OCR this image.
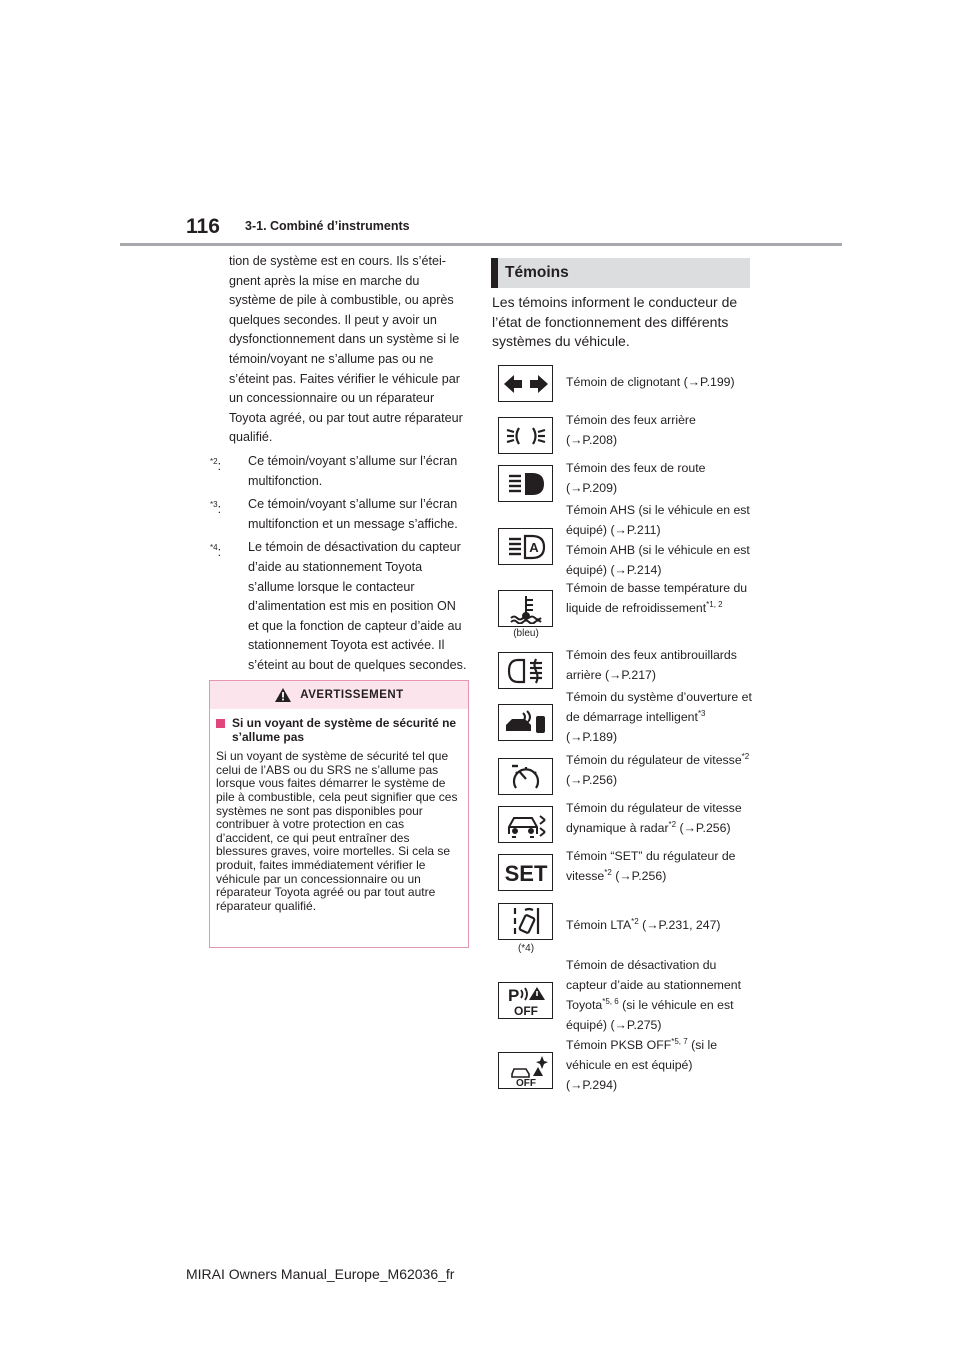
116 3-1. Combiné d’instruments

tion de système est en cours. Ils s’éteignent après la mise en marche du système de pile à combustible, ou après quelques secondes. Il peut y avoir un dysfonctionnement dans un système si le témoin/voyant ne s’allume pas ou ne s’éteint pas. Faites vérifier le véhicule par un concessionnaire ou un réparateur Toyota agréé, ou par tout autre réparateur qualifié.

$^{*2}$: Ce témoin/voyant s’allume sur l’écran multifonction.
$^{*3}$: Ce témoin/voyant s’allume sur l’écran multifonction et un message s’affiche.
$^{*4}$: Le témoin de désactivation du capteur d’aide au stationnement Toyota s’allume lorsque le contacteur d’alimentation est mis en position ON et que la fonction de capteur d’aide au stationnement Toyota est activée. Il s’éteint au bout de quelques secondes.
AVERTISSEMENT
Si un voyant de système de sécurité ne s’allume pas
Si un voyant de système de sécurité tel que celui de l’ABS ou du SRS ne s’allume pas lorsque vous faites démarrer le système de pile à combustible, cela peut signifier que ces systèmes ne sont pas disponibles pour contribuer à votre protection en cas d’accident, ce qui peut entraîner des blessures graves, voire mortelles. Si cela se produit, faites immédiatement vérifier le véhicule par un concessionnaire ou un réparateur Toyota agréé ou par tout autre réparateur qualifié.
Témoins
Les témoins informent le conducteur de l’état de fonctionnement des différents systèmes du véhicule.
Témoin de clignotant (→P.199)
Témoin des feux arrière
(→P.208)
Témoin des feux de route
(→P.209)
A
Témoin AHS (si le véhicule en est équipé) (→P.211)
Témoin AHB (si le véhicule en est équipé) (→P.214)
(bleu)
Témoin de basse température du liquide de refroidissement$^{*1, 2}$
Témoin des feux antibrouillards arrière (→P.217)
Témoin du système d’ouverture et de démarrage intelligent$^{*3}$
(→P.189)
Témoin du régulateur de vitesse$^{*2}$ (→P.256)
Témoin du régulateur de vitesse dynamique à radar$^{*2}$ (→P.256)
SET
Témoin “SET” du régulateur de vitesse$^{*2}$ (→P.256)
(*4)
Témoin LTA$^{*2}$ (→P.231, 247)
P
OFF
Témoin de désactivation du capteur d’aide au stationnement Toyota$^{*5, 6}$ (si le véhicule en est équipé) (→P.275)
OFF
Témoin PKSB OFF$^{*5, 7}$ (si le véhicule en est équipé)
(→P.294)
MIRAI Owners Manual_Europe_M62036_fr
